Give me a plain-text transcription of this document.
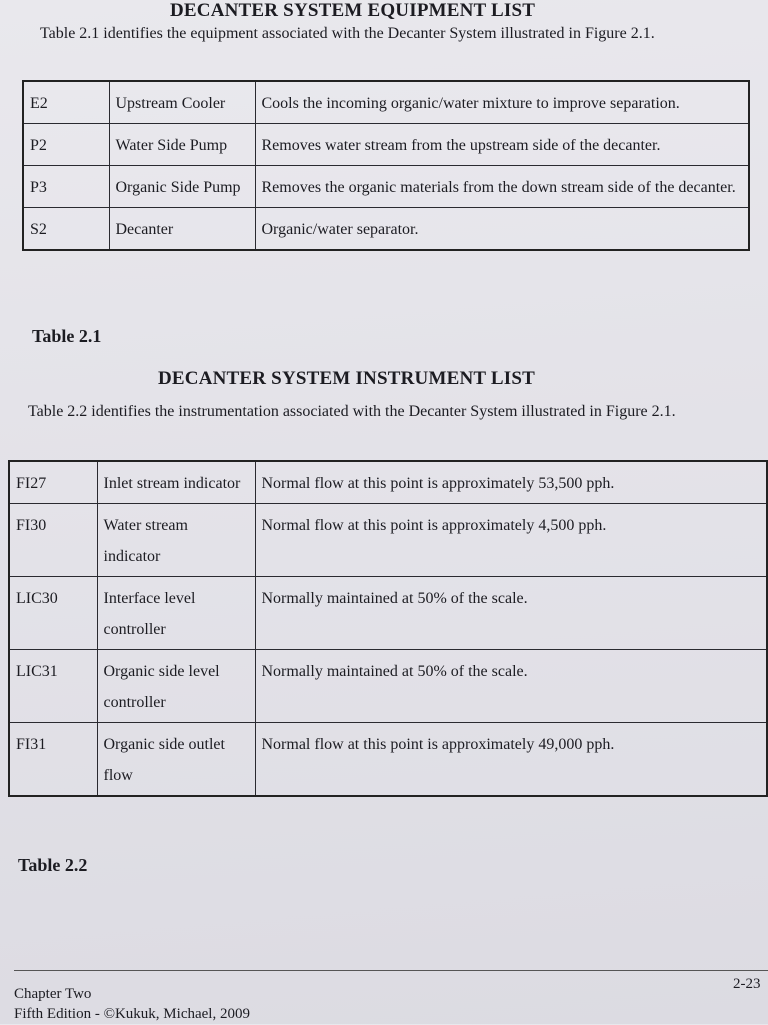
DECANTER SYSTEM EQUIPMENT LIST

Table 2.1 identifies the equipment associated with the Decanter System illustrated in Figure 2.1.

E2	Upstream Cooler	Cools the incoming organic/water mixture to improve separation.
P2	Water Side Pump	Removes water stream from the upstream side of the decanter.
P3	Organic Side Pump	Removes the organic materials from the down stream side of the decanter.
S2	Decanter	Organic/water separator.

Table 2.1

DECANTER SYSTEM INSTRUMENT LIST

Table 2.2 identifies the instrumentation associated with the Decanter System illustrated in Figure 2.1.

FI27	Inlet stream indicator	Normal flow at this point is approximately 53,500 pph.
FI30	Water stream indicator	Normal flow at this point is approximately 4,500 pph.
LIC30	Interface level controller	Normally maintained at 50% of the scale.
LIC31	Organic side level controller	Normally maintained at 50% of the scale.
FI31	Organic side outlet flow	Normal flow at this point is approximately 49,000 pph.

Table 2.2

Chapter Two

Fifth Edition - ©Kukuk, Michael, 2009

2-23
